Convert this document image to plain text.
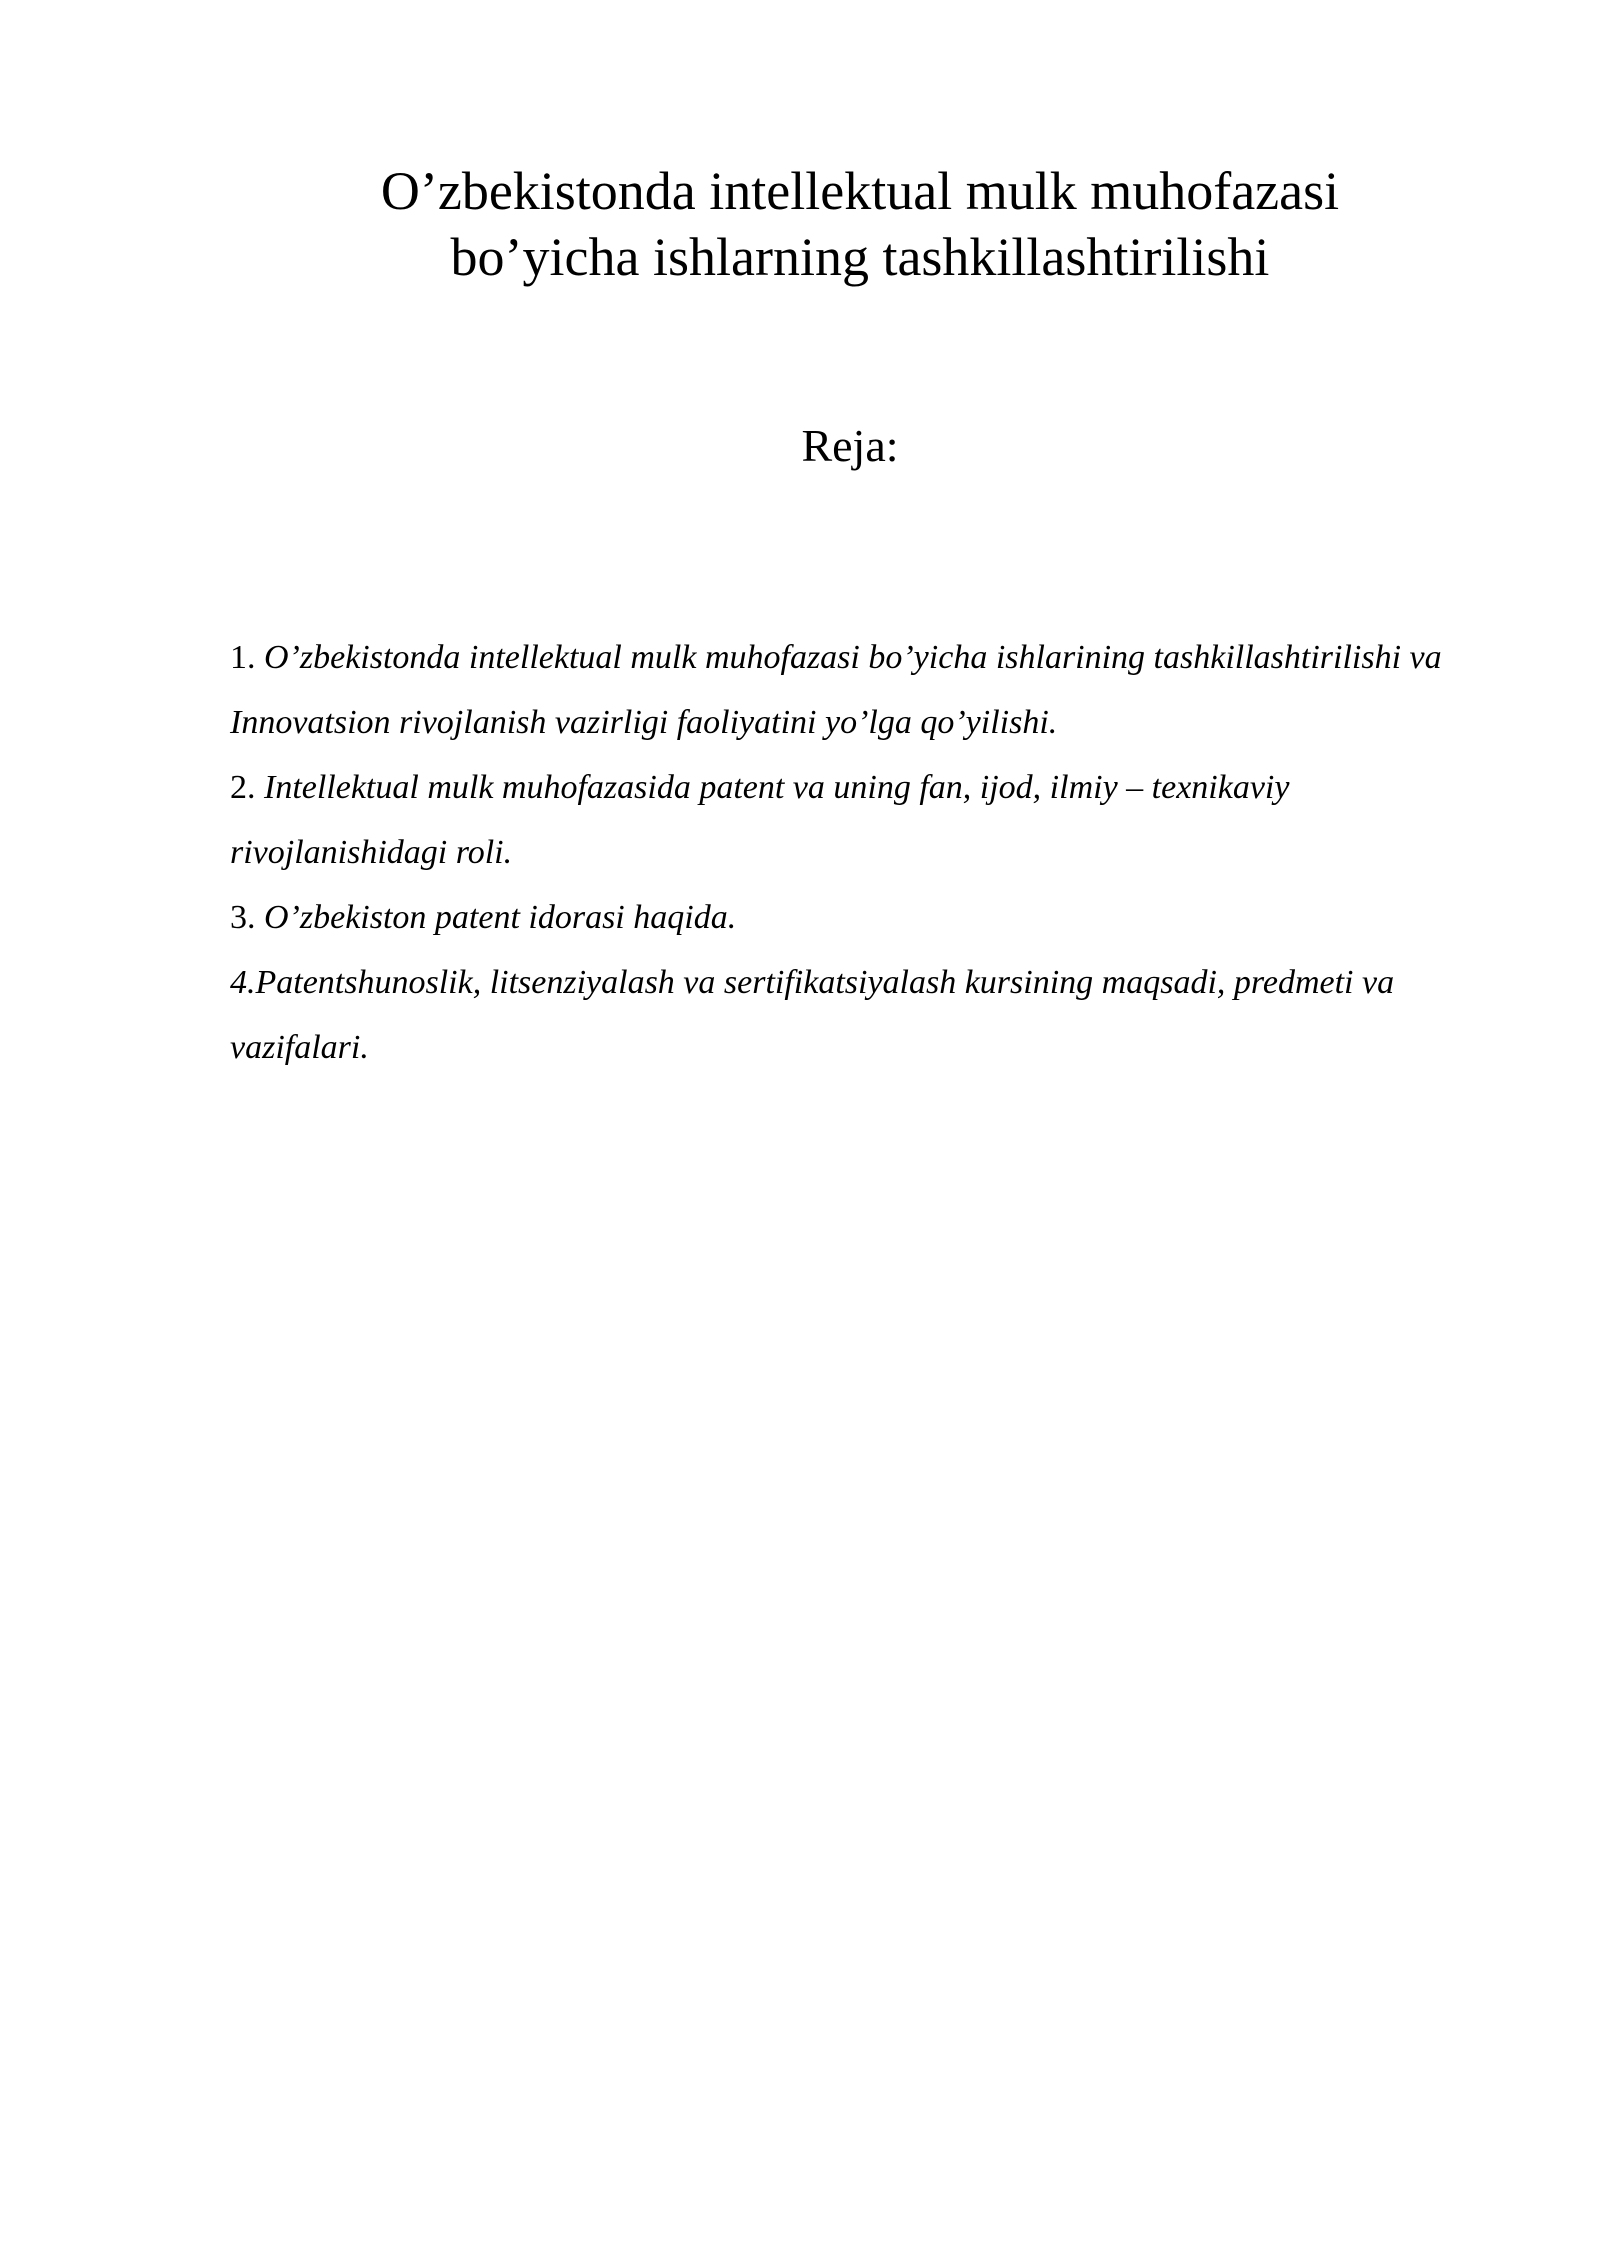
O’zbekistonda intellektual mulk muhofazasi
bo’yicha ishlarning tashkillashtirilishi
Reja:
1. O’zbekistonda intellektual mulk muhofazasi bo’yicha ishlarining tashkillashtirilishi va Innovatsion rivojlanish vazirligi faoliyatini yo’lga qo’yilishi.
2. Intellektual mulk muhofazasida patent va uning fan, ijod, ilmiy – texnikaviy rivojlanishidagi roli.
3. O’zbekiston patent idorasi haqida.
4.Patentshunoslik, litsenziyalash va sertifikatsiyalash kursining maqsadi, predmeti va vazifalari.
